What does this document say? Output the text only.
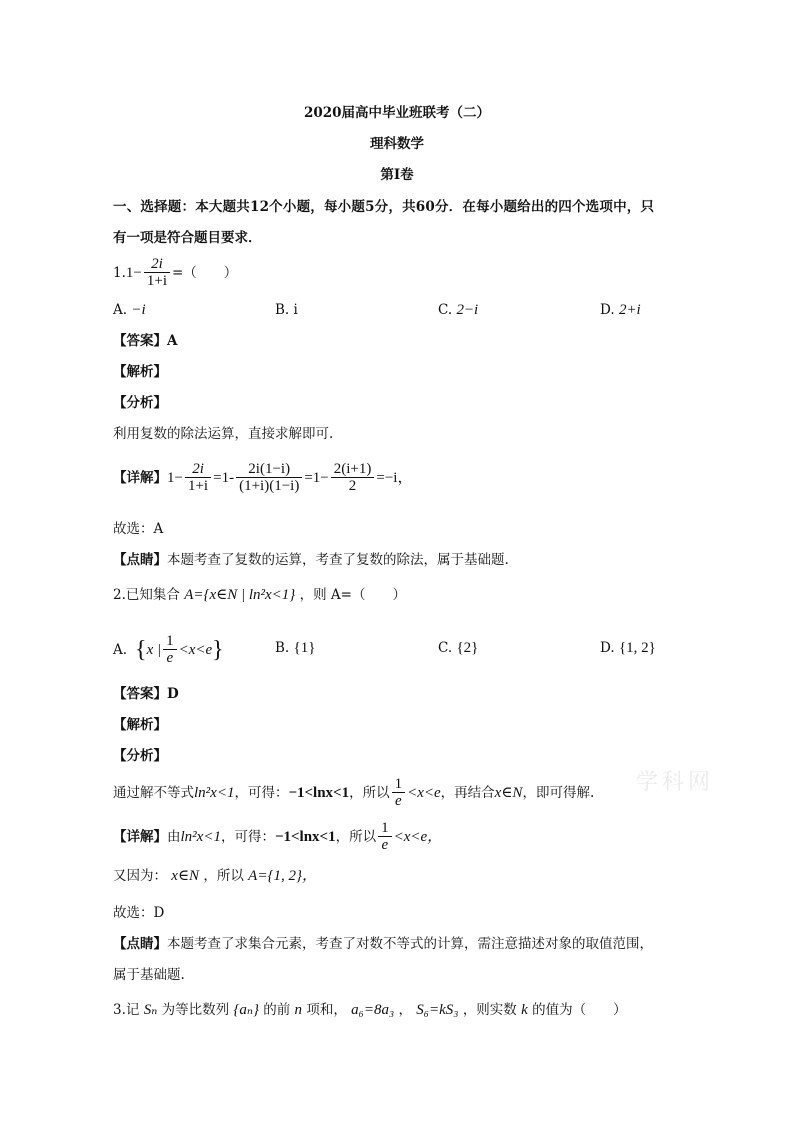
2020届高中毕业班联考（二）
理科数学
第Ⅰ卷
一、选择题：本大题共12个小题，每小题5分，共60分．在每小题给出的四个选项中，只
有一项是符合题目要求．
1. $1- \frac{2i}{1+i}$ =（　　）
A. −i	B. i	C. 2−i	D. 2+i
【答案】A
【解析】
【分析】
利用复数的除法运算，直接求解即可.
【详解】 $1- \frac{2i}{1+i} =1- \frac{2i(1-i)}{(1+i)(1-i)} =1- \frac{2(i+1)}{2} =-i$，
故选：A
【点睛】本题考查了复数的运算，考查了复数的除法，属于基础题.
2.已知集合 A={x∈N | ln²x<1} ，则 A=（　　）
A. { x | $\frac{1}{e} <x<e$ }	B. {1}	C. {2}	D. {1, 2}
【答案】D
【解析】
【分析】
通过解不等式 ln²x<1 ，可得： −1<lnx<1 ，所以 $\frac{1}{e} <x<e$ ，再结合 x∈N ，即可得解.
【详解】 由 ln²x<1 ，可得： −1<lnx<1 ，所以 $\frac{1}{e} <x<e$，
又因为： x∈N ，所以 A={1, 2}，
故选：D
【点睛】本题考查了求集合元素，考查了对数不等式的计算，需注意描述对象的取值范围，
属于基础题.
3.记 Sₙ 为等比数列 {aₙ} 的前 n 项和， a₆=8a₃ ， S₆=kS₃ ，则实数 k 的值为（　　）
学科网
